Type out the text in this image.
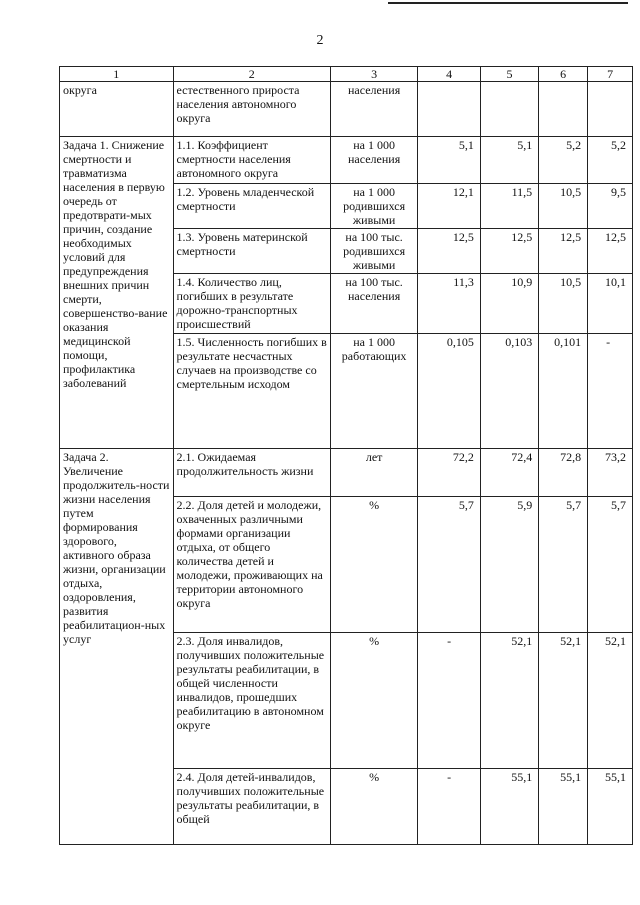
2
1	2	3	4	5	6	7
округа	естественного прироста населения автономного округа	населения				
Задача 1. Снижение смертности и травматизма населения в первую очередь от предотврати-мых причин, создание необходимых условий для предупреждения внешних причин смерти, совершенство-вание оказания медицинской помощи, профилактика заболеваний	1.1. Коэффициент смертности населения автономного округа	на 1 000 населения	5,1	5,1	5,2	5,2
	1.2. Уровень младенческой смертности	на 1 000 родившихся живыми	12,1	11,5	10,5	9,5
	1.3. Уровень материнской смертности	на 100 тыс. родившихся живыми	12,5	12,5	12,5	12,5
	1.4. Количество лиц, погибших в результате дорожно-транспортных происшествий	на 100 тыс. населения	11,3	10,9	10,5	10,1
	1.5. Численность погибших в результате несчастных случаев на производстве со смертельным исходом	на 1 000 работающих	0,105	0,103	0,101	-
Задача 2. Увеличение продолжитель-ности жизни населения путем формирования здорового, активного образа жизни, организации отдыха, оздоровления, развития реабилитацион-ных услуг	2.1. Ожидаемая продолжительность жизни	лет	72,2	72,4	72,8	73,2
	2.2. Доля детей и молодежи, охваченных различными формами организации отдыха, от общего количества детей и молодежи, проживающих на территории автономного округа	%	5,7	5,9	5,7	5,7
	2.3. Доля инвалидов, получивших положительные результаты реабилитации, в общей численности инвалидов, прошедших реабилитацию в автономном округе	%	-	52,1	52,1	52,1
	2.4. Доля детей-инвалидов, получивших положительные результаты реабилитации, в общей	%	-	55,1	55,1	55,1
